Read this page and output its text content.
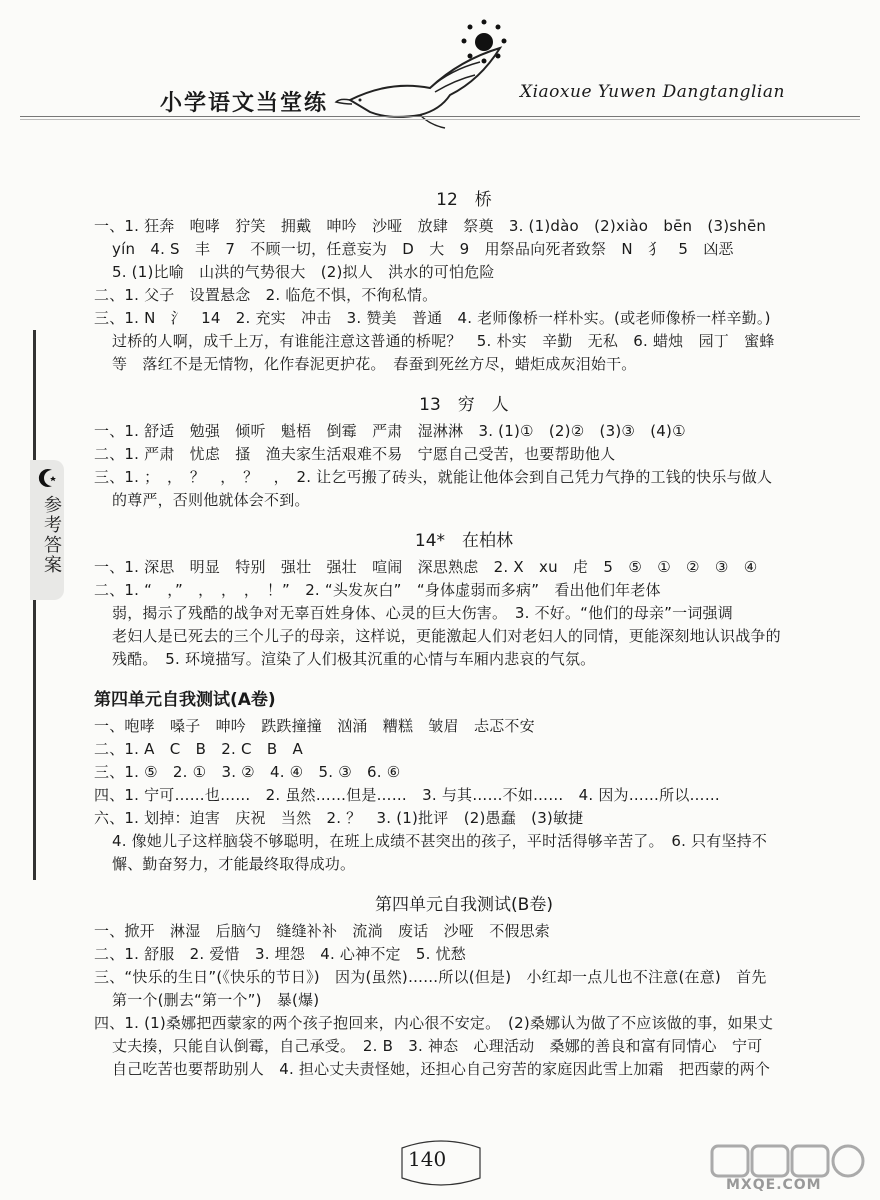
小学语文当堂练	Xiaoxue Yuwen Dangtanglian
参考答案
12　桥
一、1. 狂奔　咆哮　狞笑　拥戴　呻吟　沙哑　放肆　祭奠　3. (1)dào　(2)xiào　bēn　(3)shēn
yín　4. S　丰　7　不顾一切，任意妄为　D　大　9　用祭品向死者致祭　N　犭　5　凶恶
5. (1)比喻　山洪的气势很大　(2)拟人　洪水的可怕危险
二、1. 父子　设置悬念　2. 临危不惧，不徇私情。
三、1. N　氵　14　2. 充实　冲击　3. 赞美　普通　4. 老师像桥一样朴实。(或老师像桥一样辛勤。)
过桥的人啊，成千上万，有谁能注意这普通的桥呢？　5. 朴实　辛勤　无私　6. 蜡烛　园丁　蜜蜂
等　落红不是无情物，化作春泥更护花。　春蚕到死丝方尽，蜡炬成灰泪始干。
13　穷　人
一、1. 舒适　勉强　倾听　魁梧　倒霉　严肃　湿淋淋　3. (1)①　(2)②　(3)③　(4)①
二、1. 严肃　忧虑　搔　渔夫家生活艰难不易　宁愿自己受苦，也要帮助他人
三、1. ；　，　？　，　？　，　2. 让乞丐搬了砖头，就能让他体会到自己凭力气挣的工钱的快乐与做人
的尊严，否则他就体会不到。
14*　在柏林
一、1. 深思　明显　特别　强壮　强壮　喧闹　深思熟虑　2. X　xu　虍　5　⑤　①　②　③　④
二、1. “　，”　，　，　，　！”　2. “头发灰白”　“身体虚弱而多病”　看出他们年老体
弱，揭示了残酷的战争对无辜百姓身体、心灵的巨大伤害。　3. 不好。“他们的母亲”一词强调
老妇人是已死去的三个儿子的母亲，这样说，更能激起人们对老妇人的同情，更能深刻地认识战争的
残酷。　5. 环境描写。渲染了人们极其沉重的心情与车厢内悲哀的气氛。
第四单元自我测试(A卷)
一、咆哮　嗓子　呻吟　跌跌撞撞　汹涌　糟糕　皱眉　忐忑不安
二、1. A　C　B　2. C　B　A
三、1. ⑤　2. ①　3. ②　4. ④　5. ③　6. ⑥
四、1. 宁可……也……　2. 虽然……但是……　3. 与其……不如……　4. 因为……所以……
六、1. 划掉：迫害　庆祝　当然　2. ？　3. (1)批评　(2)愚蠢　(3)敏捷
4. 像她儿子这样脑袋不够聪明，在班上成绩不甚突出的孩子，平时活得够辛苦了。　6. 只有坚持不
懈、勤奋努力，才能最终取得成功。
第四单元自我测试(B卷)
一、掀开　淋湿　后脑勺　缝缝补补　流淌　废话　沙哑　不假思索
二、1. 舒服　2. 爱惜　3. 埋怨　4. 心神不定　5. 忧愁
三、“快乐的生日”(《快乐的节日》)　因为(虽然)……所以(但是)　小红却一点儿也不注意(在意)　首先
第一个(删去“第一个”)　暴(爆)
四、1. (1)桑娜把西蒙家的两个孩子抱回来，内心很不安定。　(2)桑娜认为做了不应该做的事，如果丈
丈夫揍，只能自认倒霉，自己承受。　2. B　3. 神态　心理活动　桑娜的善良和富有同情心　宁可
自己吃苦也要帮助别人　4. 担心丈夫责怪她，还担心自己穷苦的家庭因此雪上加霜　把西蒙的两个
140
MXQE.COM
